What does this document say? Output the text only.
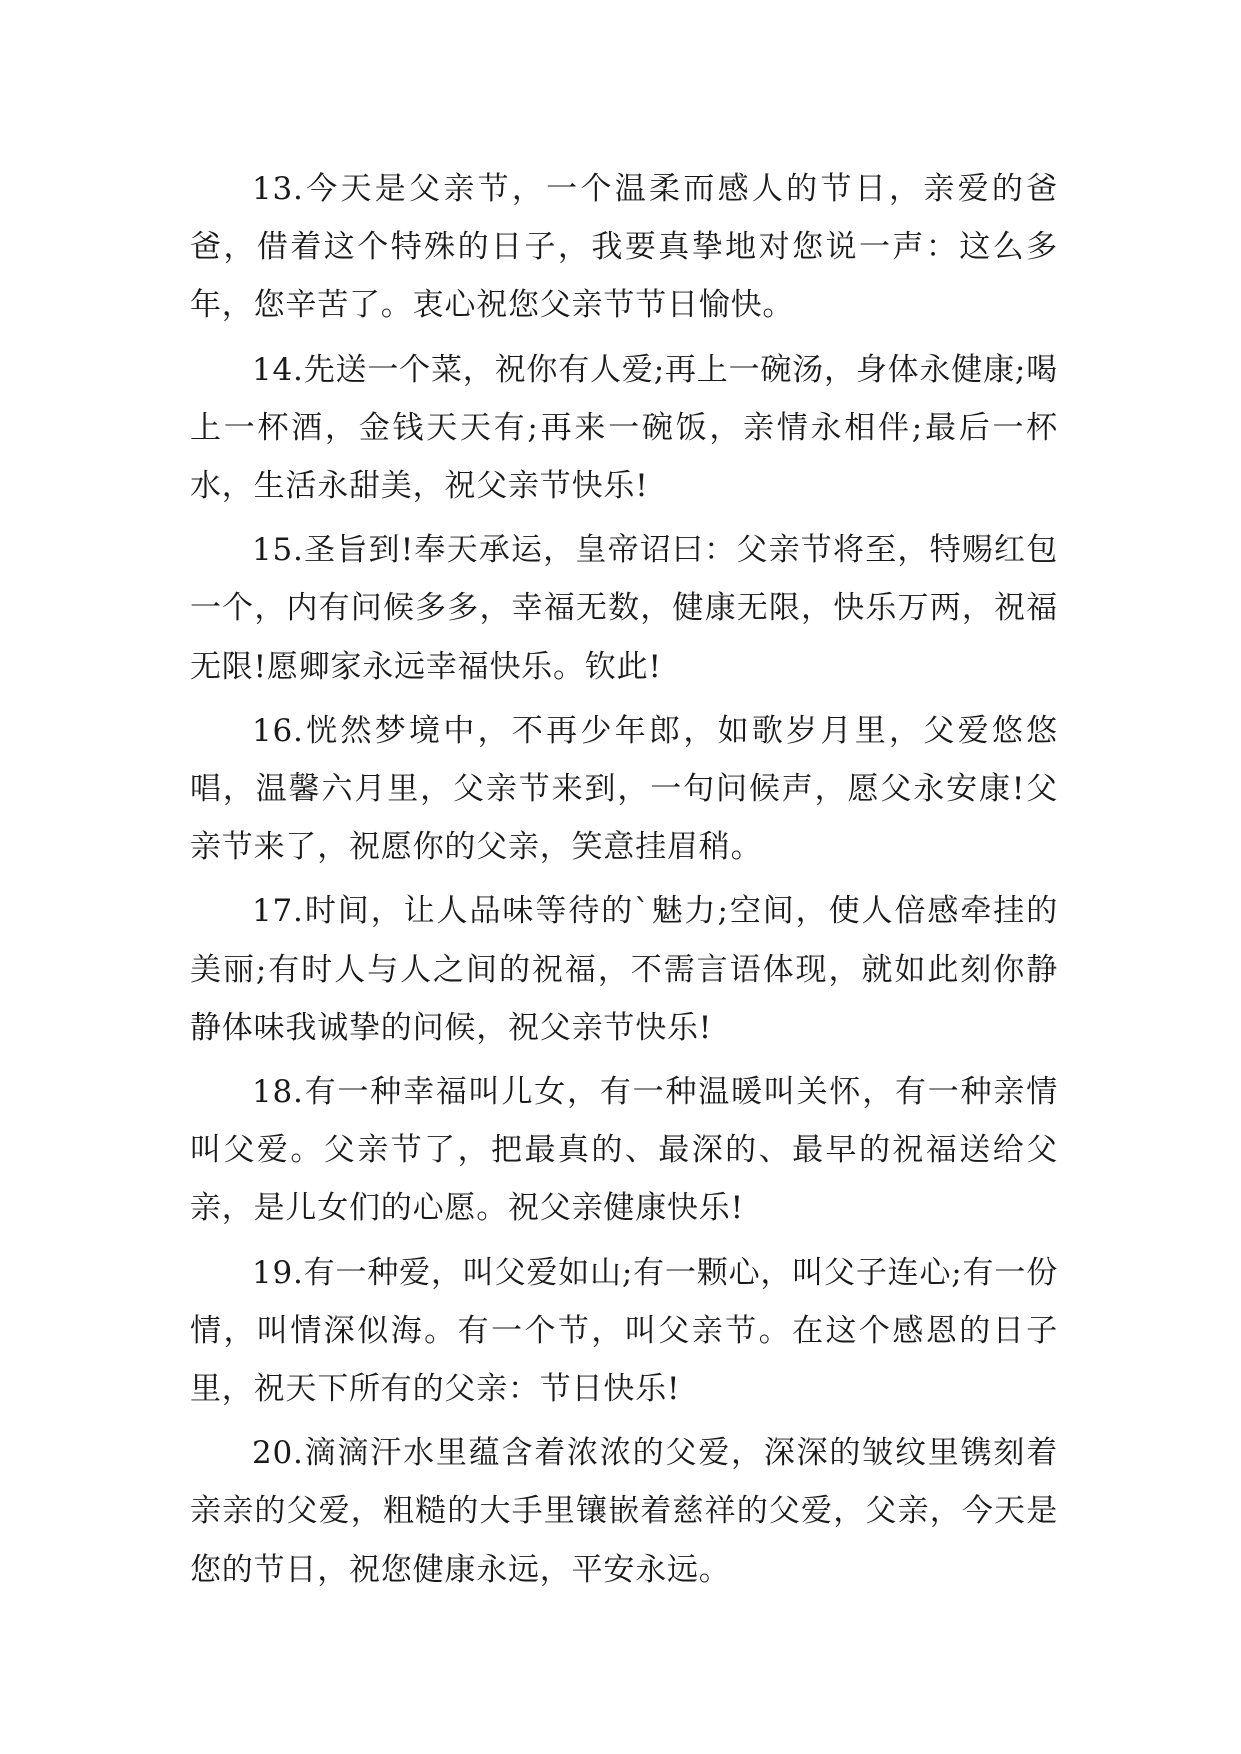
13.今天是父亲节，一个温柔而感人的节日，亲爱的爸爸，借着这个特殊的日子，我要真挚地对您说一声：这么多年，您辛苦了。衷心祝您父亲节节日愉快。

14.先送一个菜，祝你有人爱;再上一碗汤，身体永健康;喝上一杯酒，金钱天天有;再来一碗饭，亲情永相伴;最后一杯水，生活永甜美，祝父亲节快乐!

15.圣旨到!奉天承运，皇帝诏曰：父亲节将至，特赐红包一个，内有问候多多，幸福无数，健康无限，快乐万两，祝福无限!愿卿家永远幸福快乐。钦此!

16.恍然梦境中，不再少年郎，如歌岁月里，父爱悠悠唱，温馨六月里，父亲节来到，一句问候声，愿父永安康!父亲节来了，祝愿你的父亲，笑意挂眉稍。

17.时间，让人品味等待的`魅力;空间，使人倍感牵挂的美丽;有时人与人之间的祝福，不需言语体现，就如此刻你静静体味我诚挚的问候，祝父亲节快乐!

18.有一种幸福叫儿女，有一种温暖叫关怀，有一种亲情叫父爱。父亲节了，把最真的、最深的、最早的祝福送给父亲，是儿女们的心愿。祝父亲健康快乐!

19.有一种爱，叫父爱如山;有一颗心，叫父子连心;有一份情，叫情深似海。有一个节，叫父亲节。在这个感恩的日子里，祝天下所有的父亲：节日快乐!

20.滴滴汗水里蕴含着浓浓的父爱，深深的皱纹里镌刻着亲亲的父爱，粗糙的大手里镶嵌着慈祥的父爱，父亲，今天是您的节日，祝您健康永远，平安永远。
